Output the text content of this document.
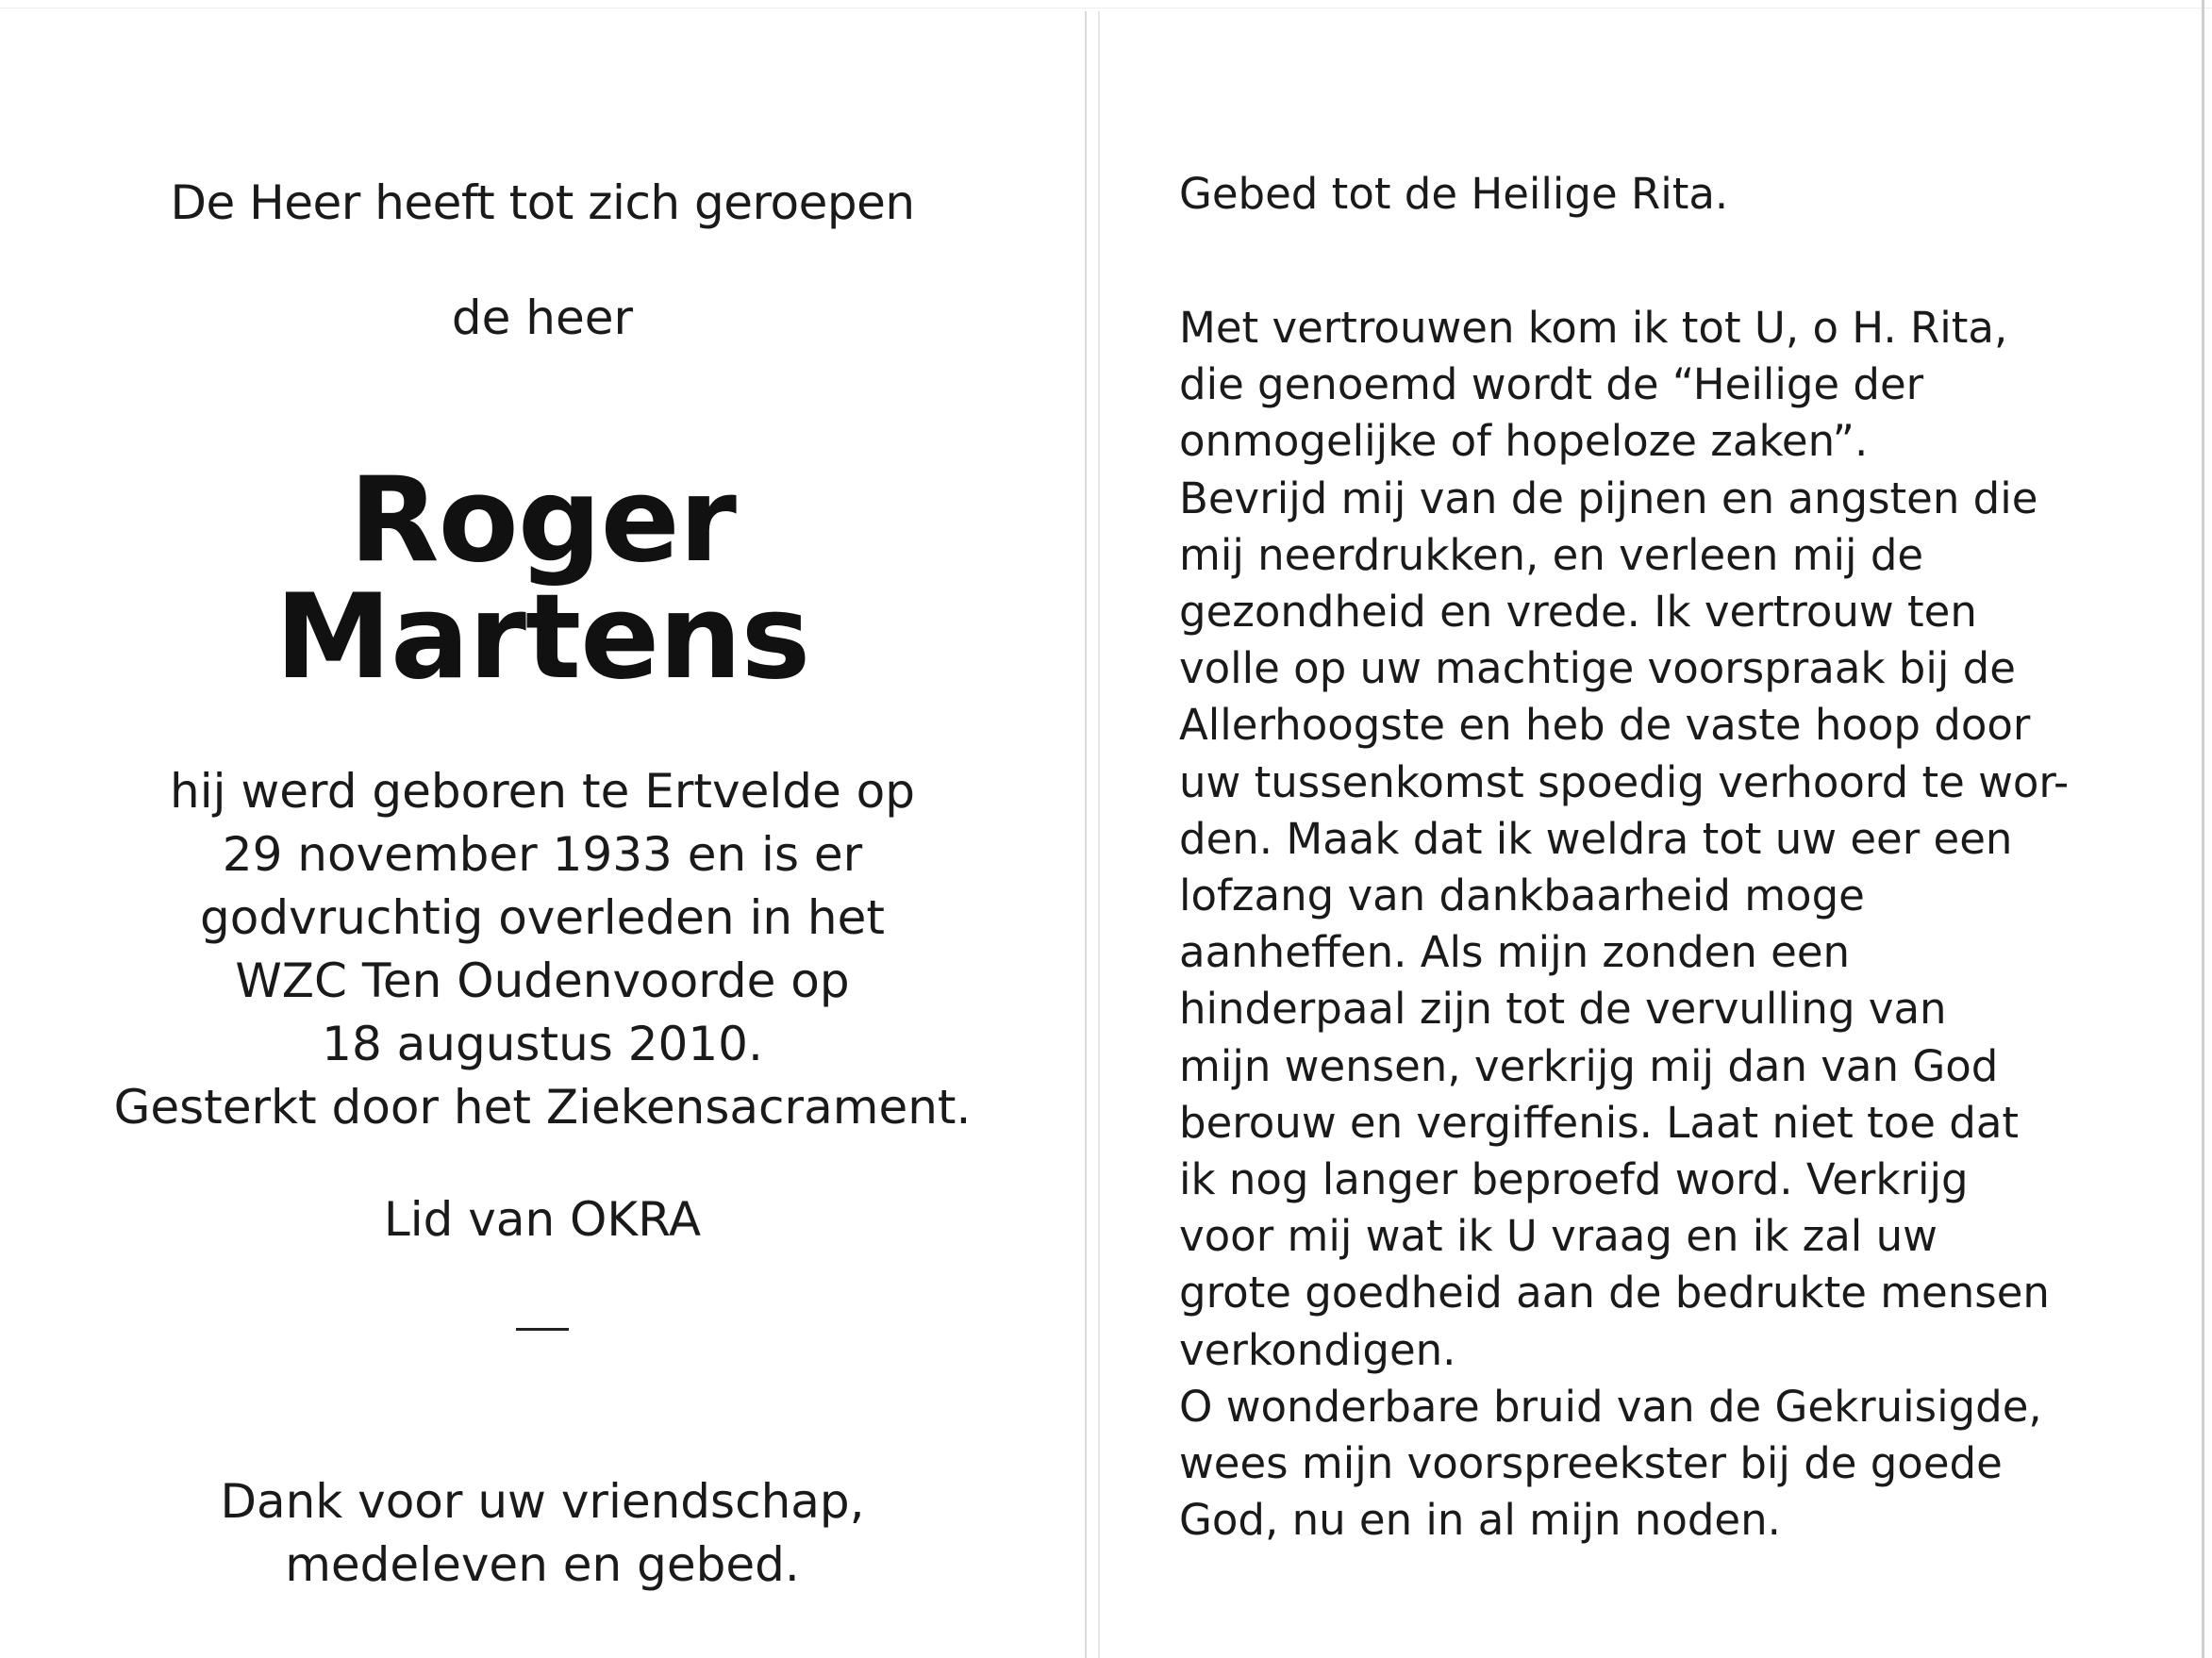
De Heer heeft tot zich geroepen

de heer

Roger Martens

hij werd geboren te Ertvelde op

29 november 1933 en is er

godvruchtig overleden in het

WZC Ten Oudenvoorde op

18 augustus 2010.

Gesterkt door het Ziekensacrament.

Lid van OKRA

Dank voor uw vriendschap,

medeleven en gebed.

Gebed tot de Heilige Rita.

Met vertrouwen kom ik tot U, o H. Rita,

die genoemd wordt de “Heilige der

onmogelijke of hopeloze zaken”.

Bevrijd mij van de pijnen en angsten die

mij neerdrukken, en verleen mij de

gezondheid en vrede. Ik vertrouw ten

volle op uw machtige voorspraak bij de

Allerhoogste en heb de vaste hoop door

uw tussenkomst spoedig verhoord te wor-

den. Maak dat ik weldra tot uw eer een

lofzang van dankbaarheid moge

aanheffen. Als mijn zonden een

hinderpaal zijn tot de vervulling van

mijn wensen, verkrijg mij dan van God

berouw en vergiffenis. Laat niet toe dat

ik nog langer beproefd word. Verkrijg

voor mij wat ik U vraag en ik zal uw

grote goedheid aan de bedrukte mensen

verkondigen.

O wonderbare bruid van de Gekruisigde,

wees mijn voorspreekster bij de goede

God, nu en in al mijn noden.
